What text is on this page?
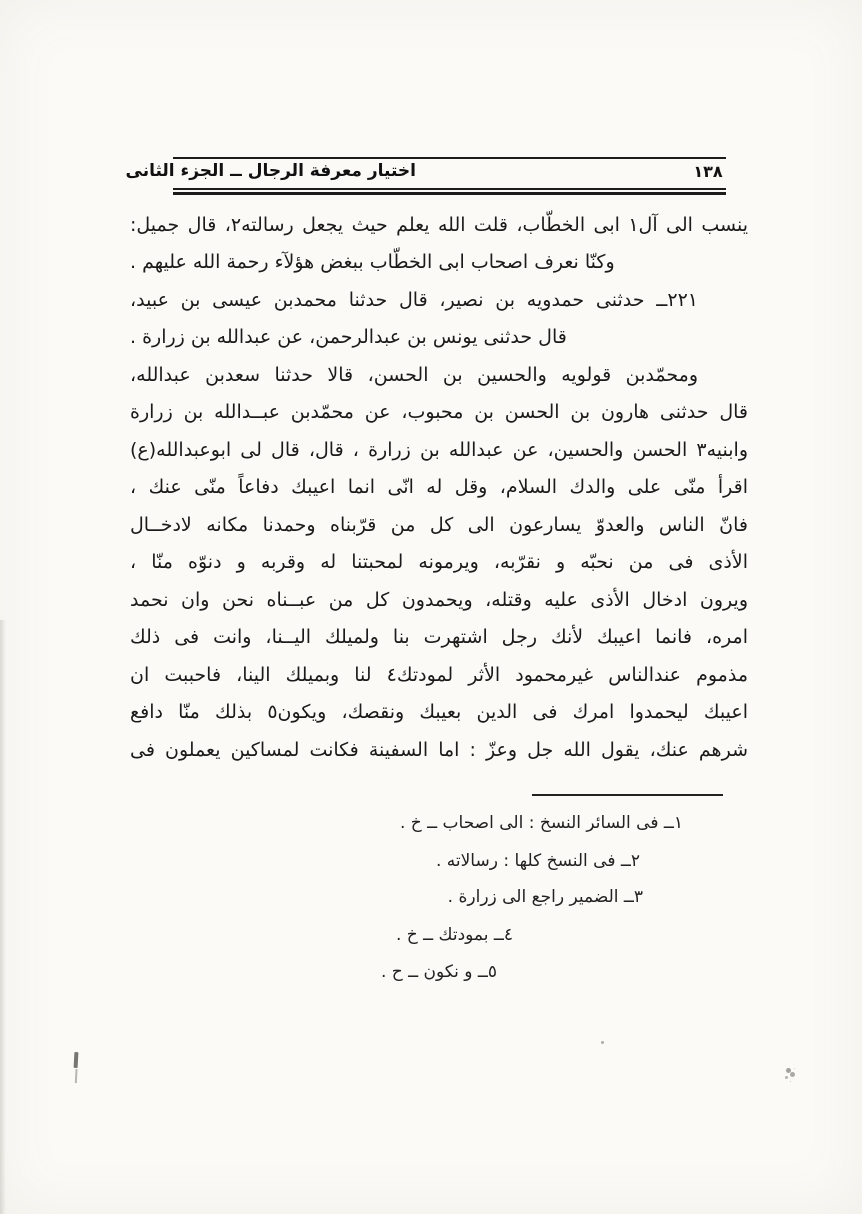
اختيار معرفة الرجال ــ الجزء الثانى	١٣٨
ينسب الى آل١ ابى الخطّاب، قلت الله يعلم حيث يجعل رسالته٢، قال جميل:
وكنّا نعرف اصحاب ابى الخطّاب ببغض هؤلآء رحمة الله عليهم .
٢٢١ــ حدثنى حمدويه بن نصير، قال حدثنا محمدبن عيسى بن عبيد،
قال حدثنى يونس بن عبدالرحمن، عن عبدالله بن زرارة .
ومحمّدبن قولويه والحسين بن الحسن، قالا حدثنا سعدبن عبدالله،
قال حدثنى هارون بن الحسن بن محبوب، عن محمّدبن عبــدالله بن زرارة
وابنيه٣ الحسن والحسين، عن عبدالله بن زرارة ، قال، قال لى ابوعبدالله(ع)
اقرأ منّى على والدك السلام، وقل له انّى انما اعيبك دفاعاً منّى عنك ،
فانّ الناس والعدوّ يسارعون الى كل من قرّبناه وحمدنا مكانه لادخــال
الأذى فى من نحبّه و نقرّبه، ويرمونه لمحبتنا له وقربه و دنوّه منّا ،
ويرون ادخال الأذى عليه وقتله، ويحمدون كل من عبــناه نحن وان نحمد
امره، فانما اعيبك لأنك رجل اشتهرت بنا ولميلك اليــنا، وانت فى ذلك
مذموم عندالناس غيرمحمود الأثر لمودتك٤ لنا وبميلك الينا، فاحببت ان
اعيبك ليحمدوا امرك فى الدين بعيبك ونقصك، ويكون٥ بذلك منّا دافع
شرهم عنك، يقول الله جل وعزّ : اما السفينة فكانت لمساكين يعملون فى
١ــ فى السائر النسخ : الى اصحاب ــ خ .
٢ــ فى النسخ كلها : رسالاته .
٣ــ الضمير راجع الى زرارة .
٤ــ بمودتك ــ خ .
٥ــ و نكون ــ ح .
